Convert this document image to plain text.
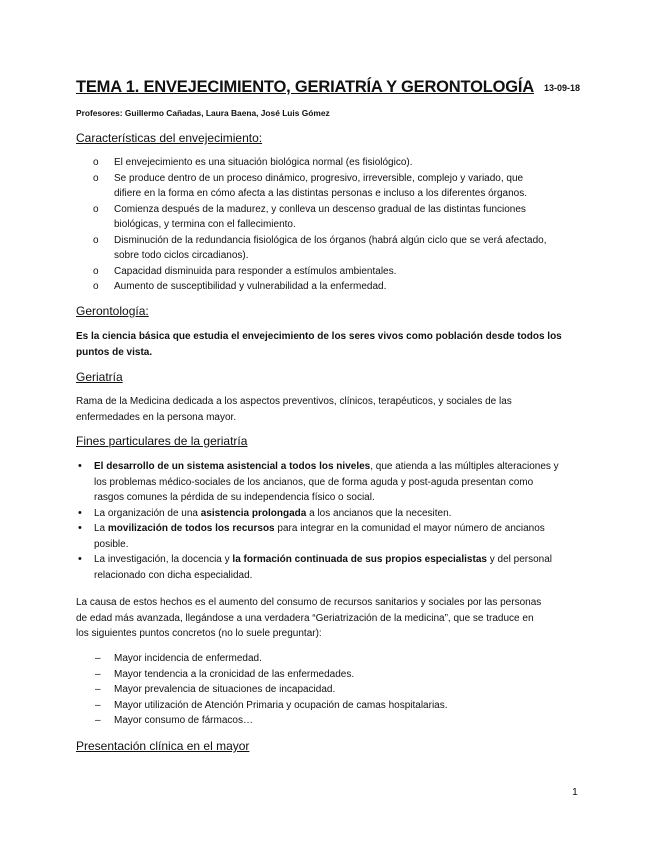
TEMA 1. ENVEJECIMIENTO, GERIATRÍA Y GERONTOLOGÍA 13-09-18
Profesores: Guillermo Cañadas, Laura Baena, José Luis Gómez
Características del envejecimiento:
o El envejecimiento es una situación biológica normal (es fisiológico).
o Se produce dentro de un proceso dinámico, progresivo, irreversible, complejo y variado, que
difiere en la forma en cómo afecta a las distintas personas e incluso a los diferentes órganos.
o Comienza después de la madurez, y conlleva un descenso gradual de las distintas funciones
biológicas, y termina con el fallecimiento.
o Disminución de la redundancia fisiológica de los órganos (habrá algún ciclo que se verá afectado,
sobre todo ciclos circadianos).
o Capacidad disminuida para responder a estímulos ambientales.
o Aumento de susceptibilidad y vulnerabilidad a la enfermedad.
Gerontología:
Es la ciencia básica que estudia el envejecimiento de los seres vivos como población desde todos los
puntos de vista.
Geriatría
Rama de la Medicina dedicada a los aspectos preventivos, clínicos, terapéuticos, y sociales de las
enfermedades en la persona mayor.
Fines particulares de la geriatría
• El desarrollo de un sistema asistencial a todos los niveles, que atienda a las múltiples alteraciones y
los problemas médico-sociales de los ancianos, que de forma aguda y post-aguda presentan como
rasgos comunes la pérdida de su independencia físico o social.
• La organización de una asistencia prolongada a los ancianos que la necesiten.
• La movilización de todos los recursos para integrar en la comunidad el mayor número de ancianos
posible.
• La investigación, la docencia y la formación continuada de sus propios especialistas y del personal
relacionado con dicha especialidad.
La causa de estos hechos es el aumento del consumo de recursos sanitarios y sociales por las personas
de edad más avanzada, llegándose a una verdadera “Geriatrización de la medicina”, que se traduce en
los siguientes puntos concretos (no lo suele preguntar):
– Mayor incidencia de enfermedad.
– Mayor tendencia a la cronicidad de las enfermedades.
– Mayor prevalencia de situaciones de incapacidad.
– Mayor utilización de Atención Primaria y ocupación de camas hospitalarias.
– Mayor consumo de fármacos…
Presentación clínica en el mayor
1
